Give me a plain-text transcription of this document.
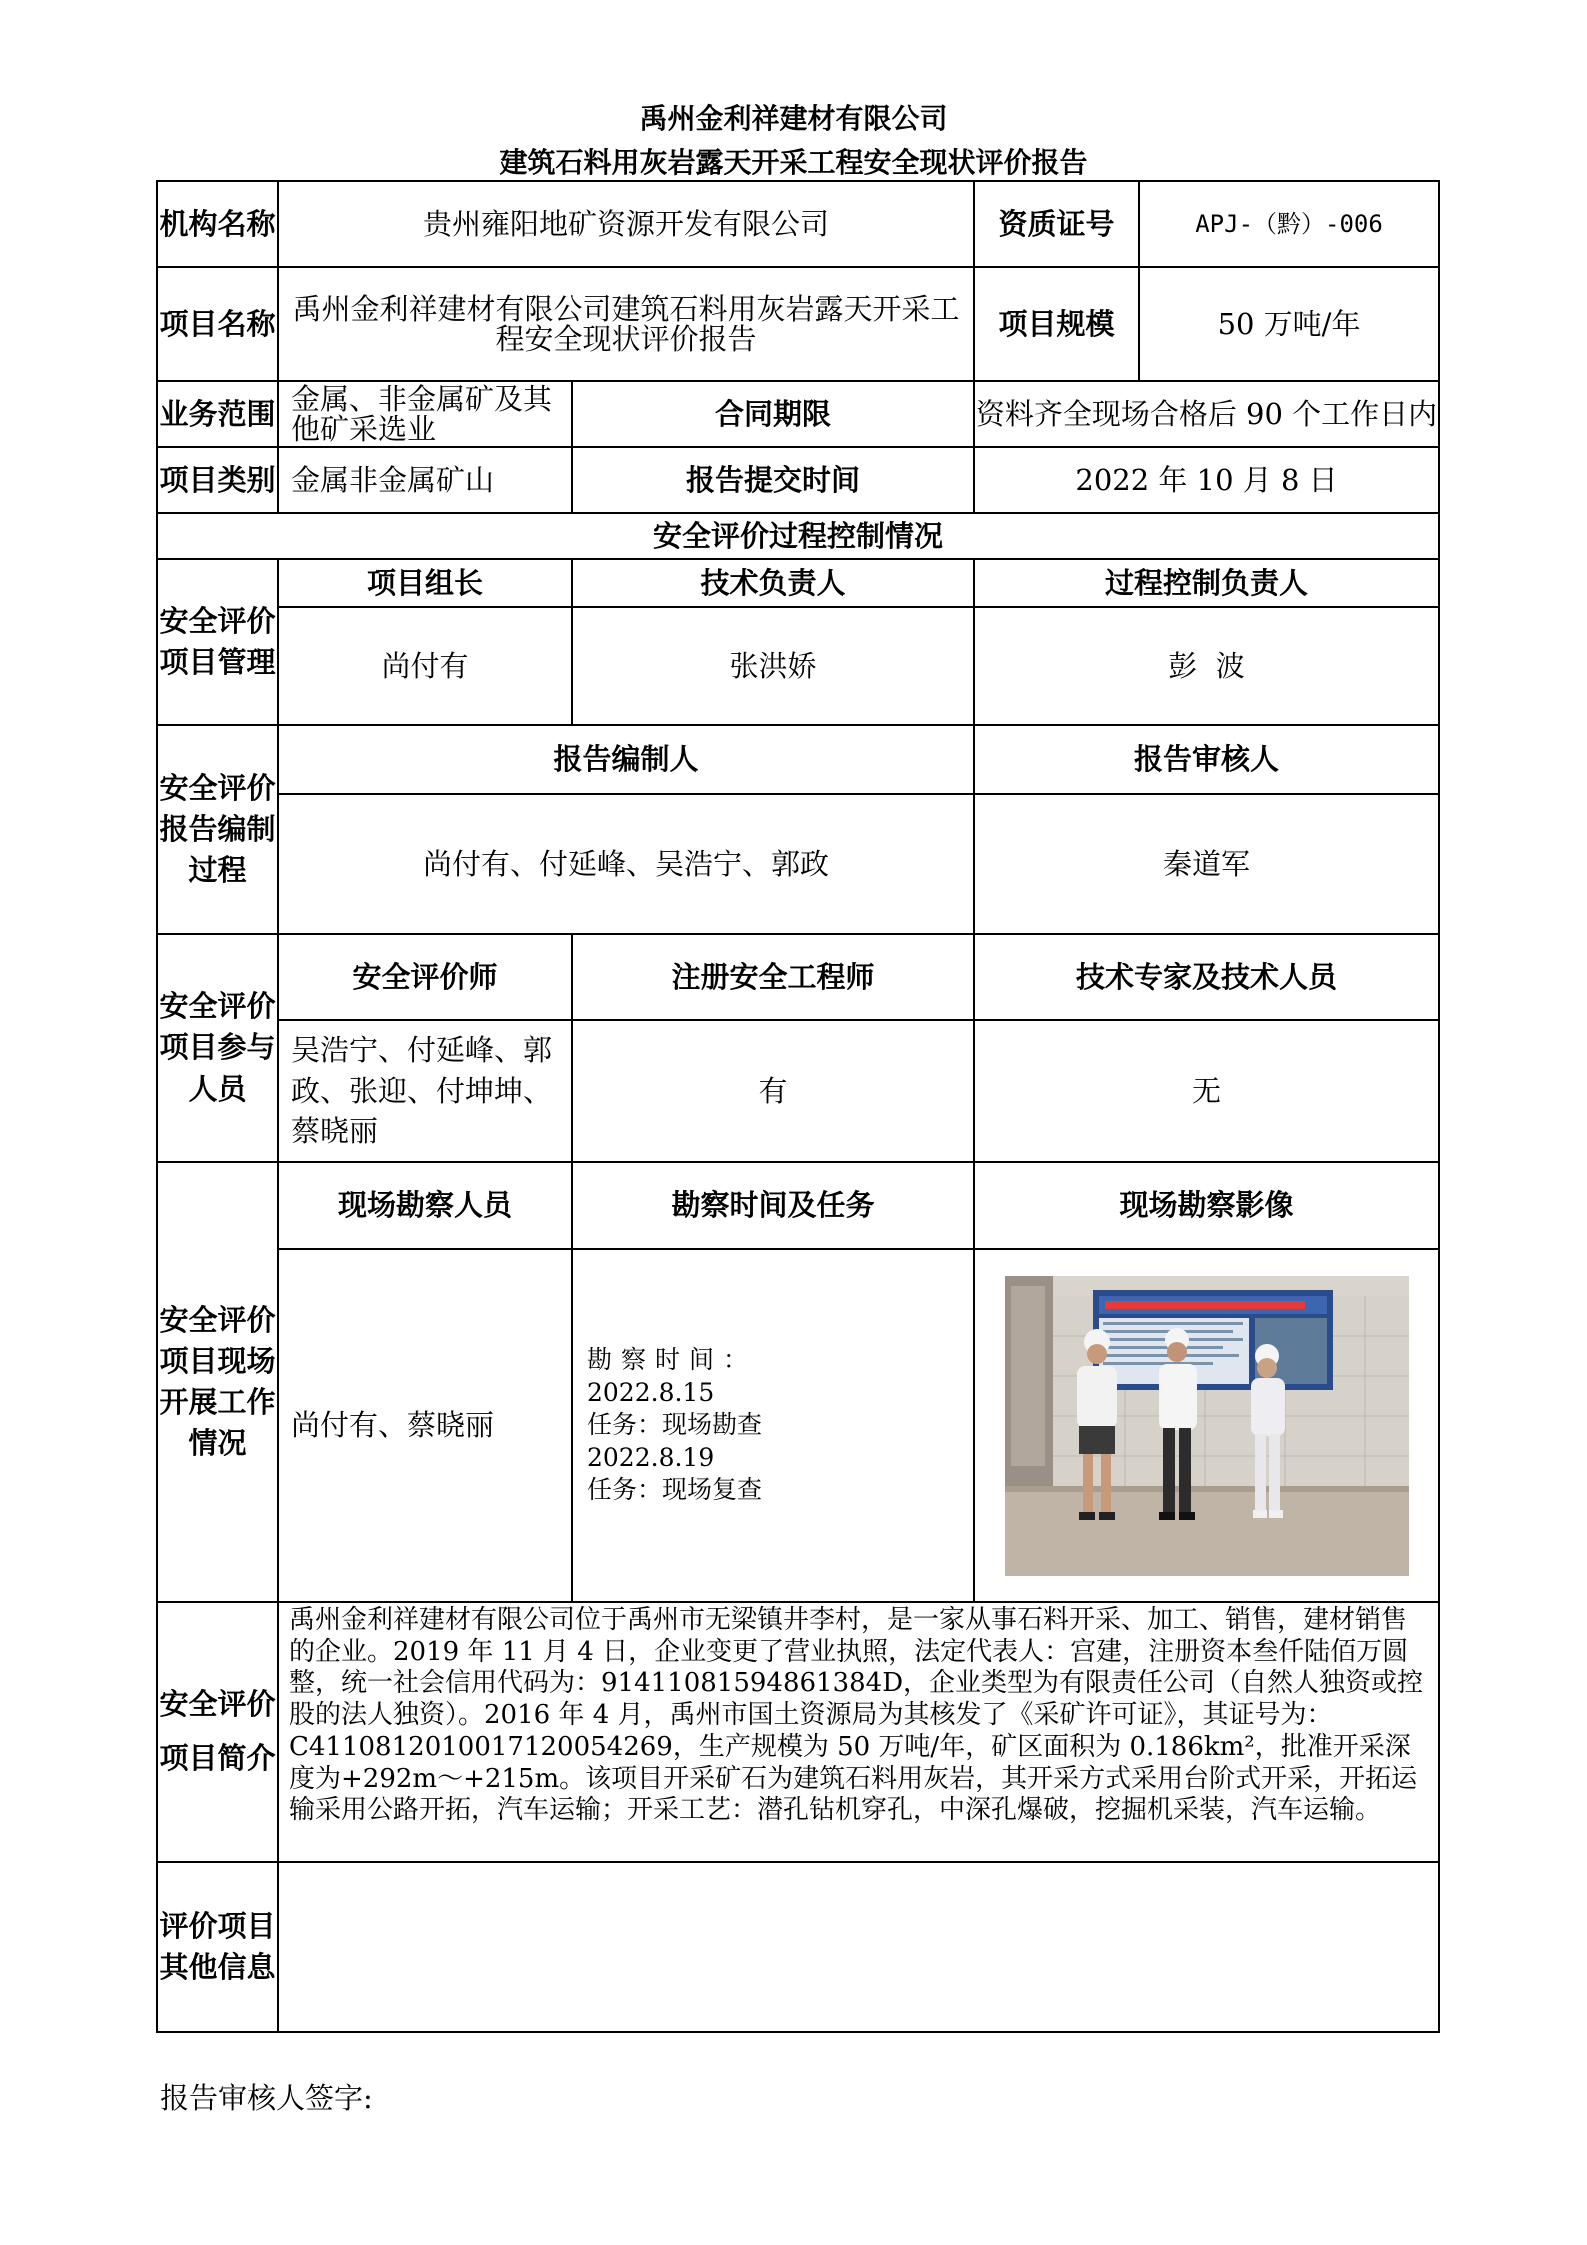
禹州金利祥建材有限公司
建筑石料用灰岩露天开采工程安全现状评价报告
机构名称	贵州雍阳地矿资源开发有限公司		资质证号	APJ-（黔）-006
项目名称	禹州金利祥建材有限公司建筑石料用灰岩露天开采工程安全现状评价报告		项目规模	50 万吨/年
业务范围	金属、非金属矿及其他矿采选业	合同期限	资料齐全现场合格后 90 个工作日内	
项目类别	金属非金属矿山	报告提交时间	2022 年 10 月 8 日	
安全评价过程控制情况				
安全评价项目管理	项目组长	技术负责人	过程控制负责人	
	尚付有	张洪娇	彭  波	
安全评价报告编制过程	报告编制人		报告审核人	
	尚付有、付延峰、吴浩宁、郭政		秦道军	
安全评价项目参与人员	安全评价师	注册安全工程师	技术专家及技术人员	
	吴浩宁、付延峰、郭政、张迎、付坤坤、蔡晓丽	有	无	
安全评价项目现场开展工作情况	现场勘察人员	勘察时间及任务	现场勘察影像	
	尚付有、蔡晓丽	勘察时间：
2022.8.15
任务：现场勘查
2022.8.19
任务：现场复查

安全评价项目简介	禹州金利祥建材有限公司位于禹州市无梁镇井李村，是一家从事石料开采、加工、销售，建材销售的企业。2019 年 11 月 4 日，企业变更了营业执照，法定代表人：宫建，注册资本叁仟陆佰万圆整，统一社会信用代码为：91411081594861384D，企业类型为有限责任公司（自然人独资或控股的法人独资）。2016 年 4 月，禹州市国土资源局为其核发了《采矿许可证》，其证号为：C4110812010017120054269，生产规模为 50 万吨/年，矿区面积为 0.186km²，批准开采深度为+292m～+215m。该项目开采矿石为建筑石料用灰岩，其开采方式采用台阶式开采，开拓运输采用公路开拓，汽车运输；开采工艺：潜孔钻机穿孔，中深孔爆破，挖掘机采装，汽车运输。			
评价项目其他信息				
报告审核人签字:
